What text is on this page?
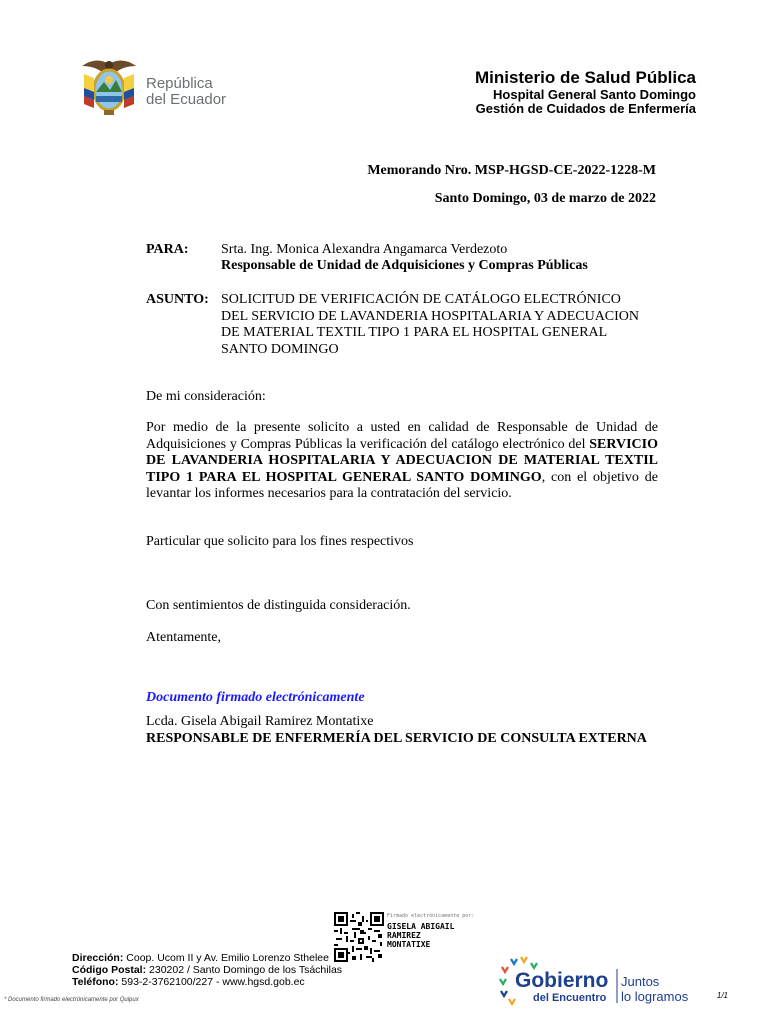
República
del Ecuador
Ministerio de Salud Pública
Hospital General Santo Domingo
Gestión de Cuidados de Enfermería
Memorando Nro. MSP-HGSD-CE-2022-1228-M
Santo Domingo, 03 de marzo de 2022
PARA: Srta. Ing. Monica Alexandra Angamarca Verdezoto
Responsable de Unidad de Adquisiciones y Compras Públicas
ASUNTO: SOLICITUD DE VERIFICACIÓN DE CATÁLOGO ELECTRÓNICO
DEL SERVICIO DE LAVANDERIA HOSPITALARIA Y ADECUACION
DE MATERIAL TEXTIL TIPO 1 PARA EL HOSPITAL GENERAL
SANTO DOMINGO
De mi consideración:
Por medio de la presente solicito a usted en calidad de Responsable de Unidad de Adquisiciones y Compras Públicas la verificación del catálogo electrónico del SERVICIO DE LAVANDERIA HOSPITALARIA Y ADECUACION DE MATERIAL TEXTIL TIPO 1 PARA EL HOSPITAL GENERAL SANTO DOMINGO, con el objetivo de levantar los informes necesarios para la contratación del servicio.
Particular que solicito para los fines respectivos
Con sentimientos de distinguida consideración.
Atentamente,
Documento firmado electrónicamente
Lcda. Gisela Abigail Ramirez Montatixe
RESPONSABLE DE ENFERMERÍA DEL SERVICIO DE CONSULTA EXTERNA
Firmado electrónicamente por:
GISELA ABIGAIL
RAMIREZ
MONTATIXE
Dirección: Coop. Ucom II y Av. Emilio Lorenzo Sthelee
Código Postal: 230202 / Santo Domingo de los Tsáchilas
Teléfono: 593-2-3762100/227 - www.hgsd.gob.ec
* Documento firmado electrónicamente por Quipux	1/1
Gobierno
del Encuentro
Juntos
lo logramos
